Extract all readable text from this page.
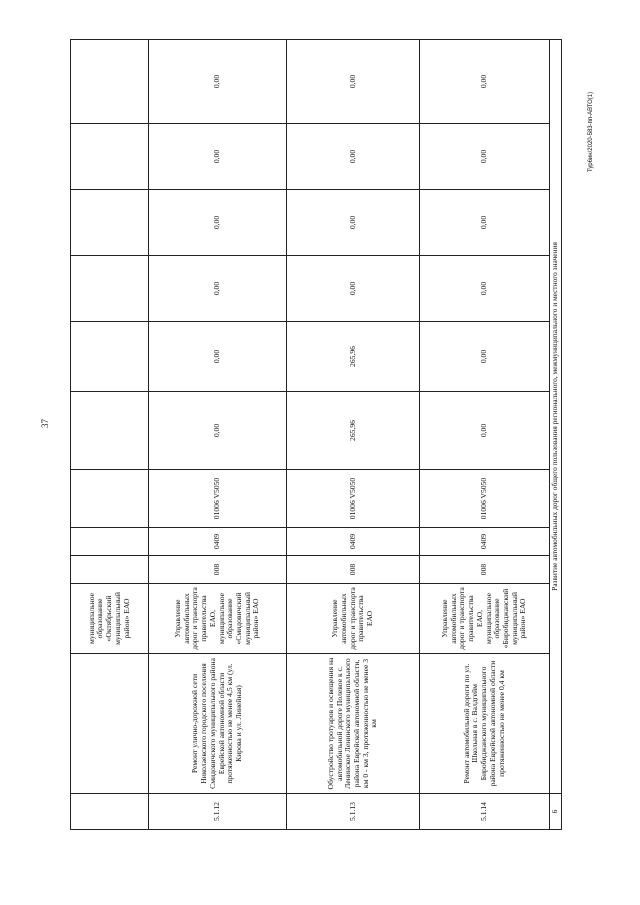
37
Тур6ин/2020-583-пп-АВТО(1)
		муниципальное образование «Октябрьский муниципальный район» ЕАО									
5.1.12	Ремонт улично-дорожной сети Николаевского городского поселения Смидовичского муниципального района Еврейской автономной области протяженностью не менее 4,5 км (ул. Кирова и ул. Линейная)	Управление автомобильных дорог и транспорта правительства ЕАО, муниципальное образование «Смидовичский муниципальный район» ЕАО	008	0409	01006 V5050	0,00	0,00	0,00	0,00	0,00	0,00
5.1.13	Обустройство тротуаров и освещения на автомобильной дороге Полевое к с. Ленинское Ленинского муниципального района Еврейской автономной области, км 0 - км 3, протяженностью не менее 3 км	Управление автомобильных дорог и транспорта правительства ЕАО	008	0409	01006 V5050	265,96	265,96	0,00	0,00	0,00	0,00
5.1.14	Ремонт автомобильной дороги по ул. Школьная в с. Валдгейм Биробиджанского муниципального района Еврейской автономной области протяженностью не менее 0,4 км	Управление автомобильных дорог и транспорта правительства ЕАО, муниципальное образование «Биробиджанский муниципальный район» ЕАО	008	0409	01006 V5050	0,00	0,00	0,00	0,00	0,00	0,00
6	Развитие автомобильных дорог общего пользования регионального, межмуниципального и местного значения										
